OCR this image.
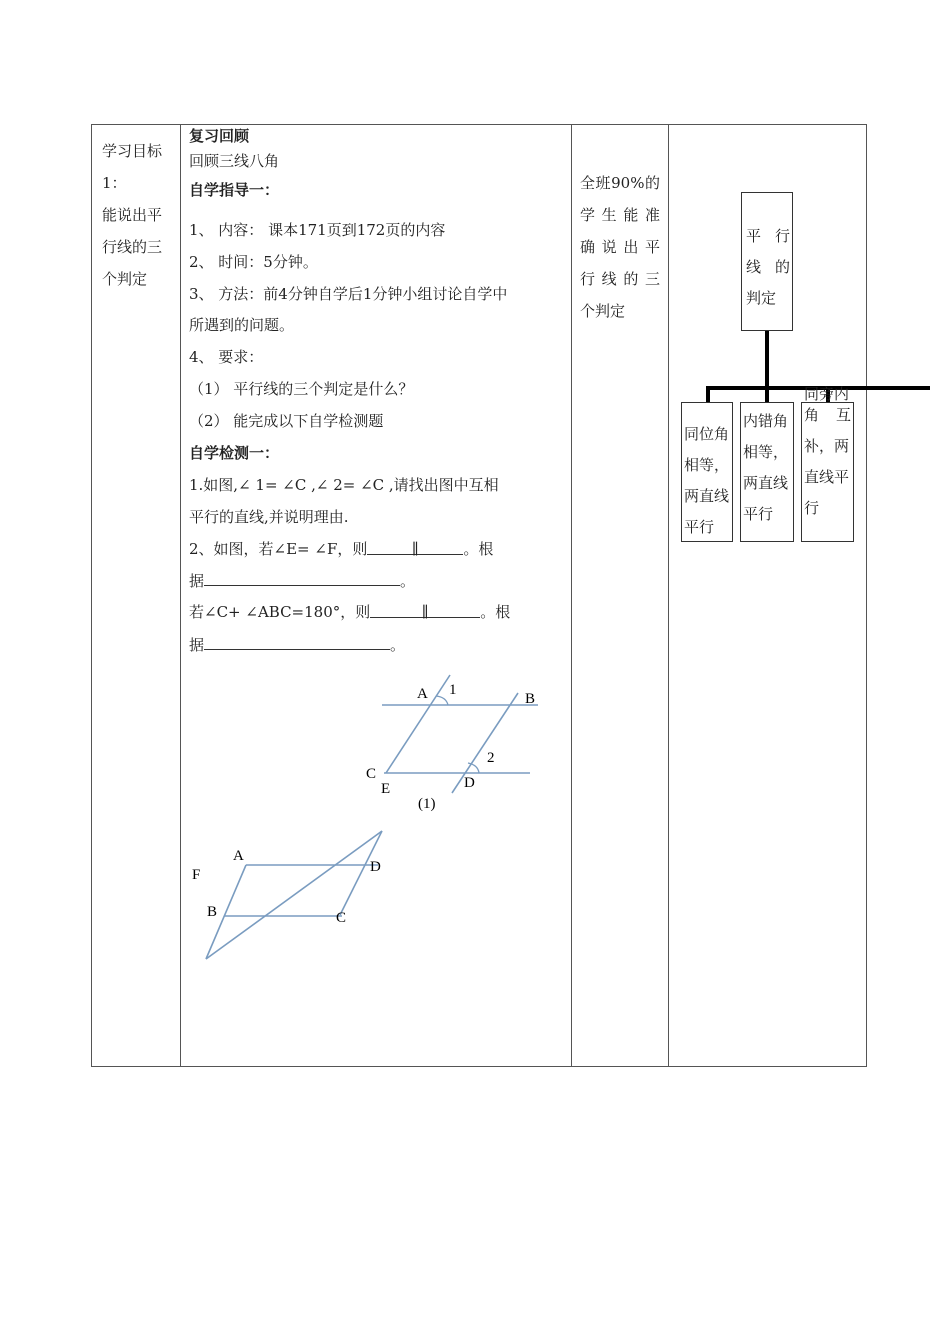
学习目标
1：
能说出平
行线的三
个判定
复习回顾
回顾三线八角
自学指导一：
1、 内容： 课本171页到172页的内容
2、 时间：5分钟。
3、 方法：前4分钟自学后1分钟小组讨论自学中
所遇到的问题。
4、 要求：
（1） 平行线的三个判定是什么？
（2） 能完成以下自学检测题
自学检测一：
1.如图,∠ 1= ∠C ,∠ 2= ∠C ,请找出图中互相
平行的直线,并说明理由.
2、如图，若∠E= ∠F，则	∥	。根
据	。
若∠C+ ∠ABC=180°，则	∥	。根
据	。
A 1
B
2
C
E	D
(1)
A
F	D
B	C
全班90%的
学生能准
确说出平
行线的三
个判定
平 行
线 的
判定
同位角
相等，
两直线
平行
内错角
相等，
两直线
平行
同旁内
角 互
补，两
直线平
行
